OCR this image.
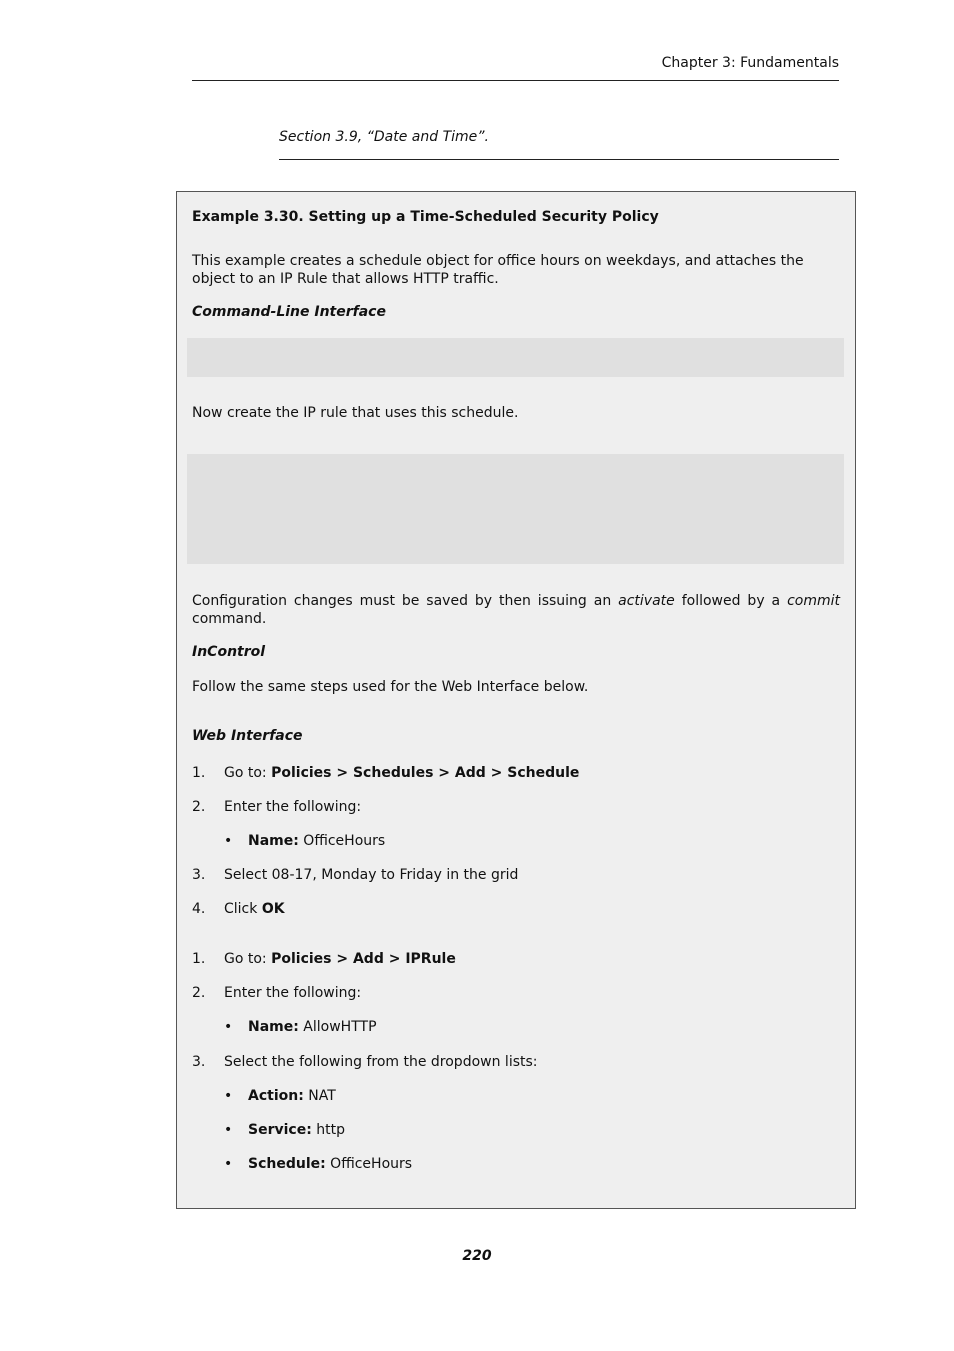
Chapter 3: Fundamentals
Section 3.9, “Date and Time”.
Example 3.30. Setting up a Time-Scheduled Security Policy
This example creates a schedule object for office hours on weekdays, and attaches the object to an IP Rule that allows HTTP traffic.
Command-Line Interface
Now create the IP rule that uses this schedule.
Configuration changes must be saved by then issuing an activate followed by a commit command.
InControl
Follow the same steps used for the Web Interface below.
Web Interface
1. Go to: Policies > Schedules > Add > Schedule
2. Enter the following:
• Name: OfficeHours
3. Select 08-17, Monday to Friday in the grid
4. Click OK
1. Go to: Policies > Add > IPRule
2. Enter the following:
• Name: AllowHTTP
3. Select the following from the dropdown lists:
• Action: NAT
• Service: http
• Schedule: OfficeHours
220
